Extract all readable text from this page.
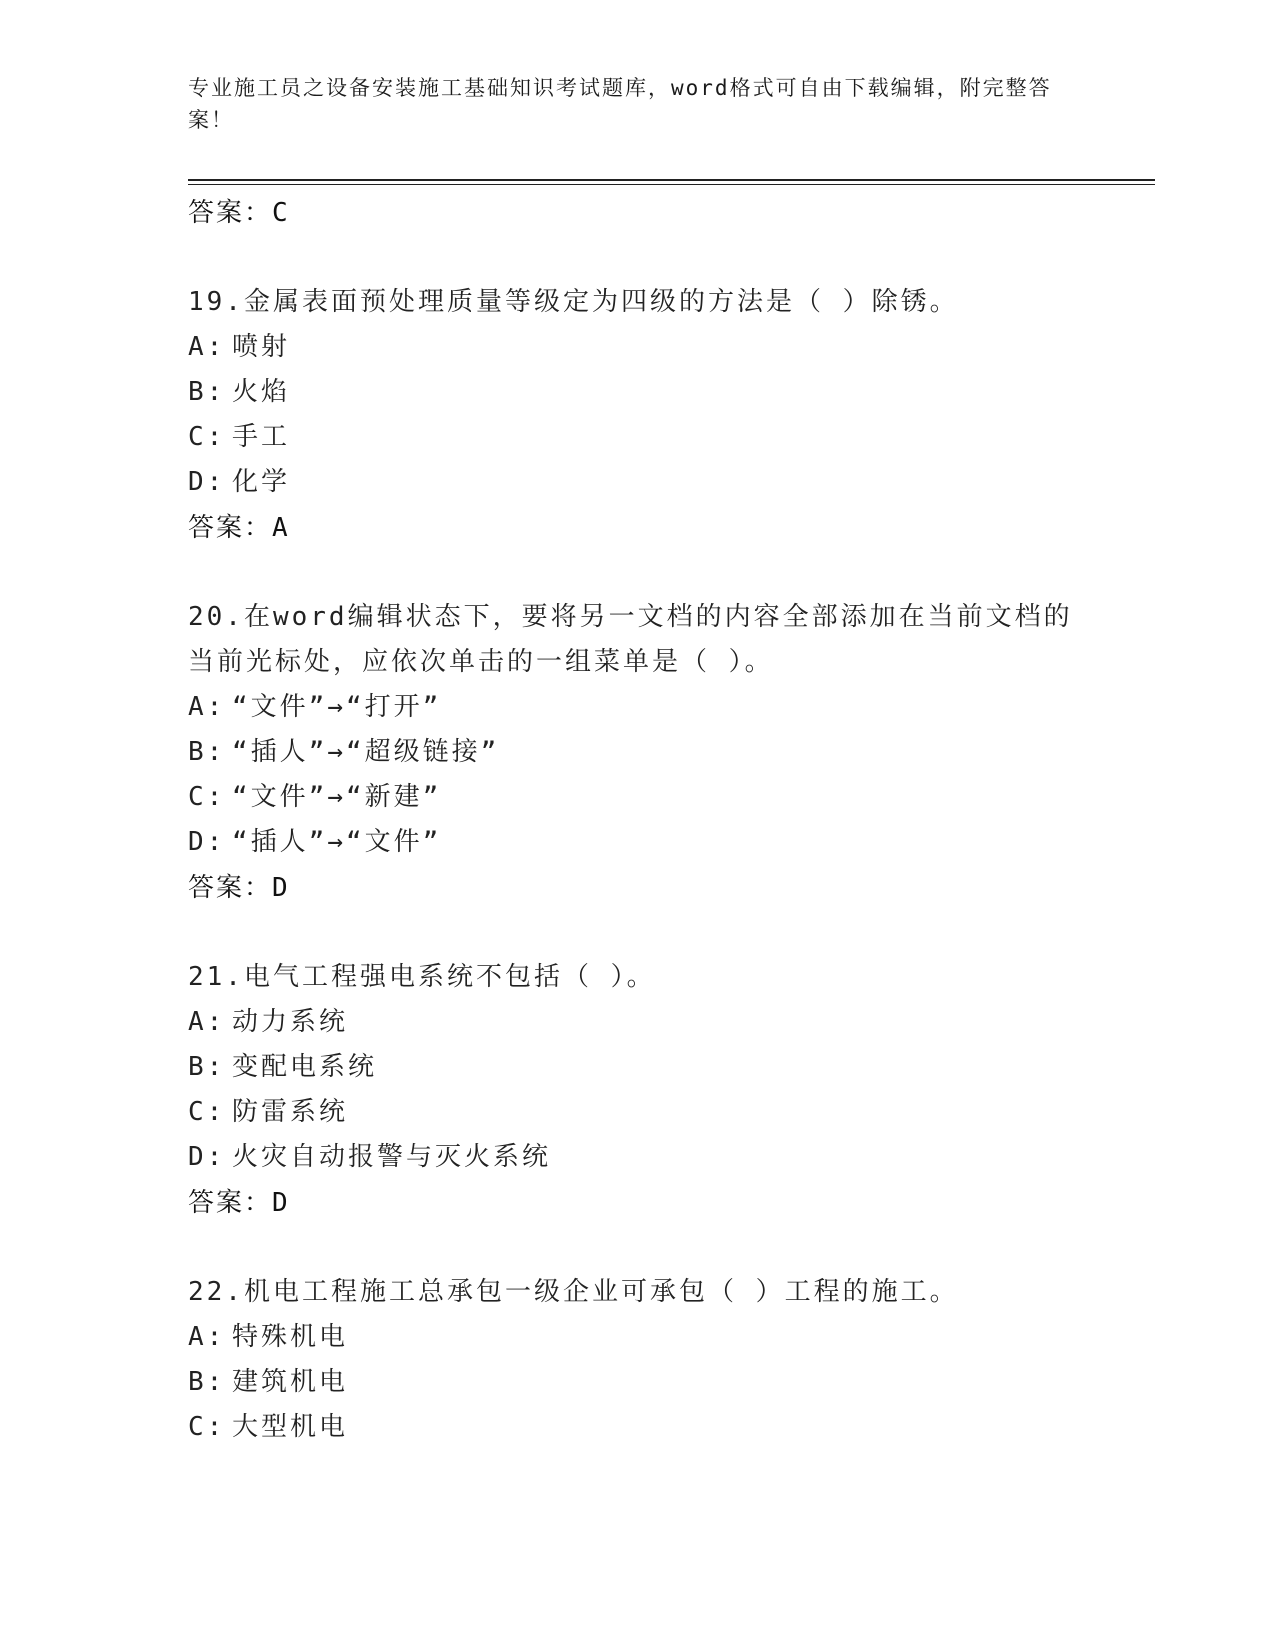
专业施工员之设备安装施工基础知识考试题库，word格式可自由下载编辑，附完整答案！
答案：C
19.金属表面预处理质量等级定为四级的方法是（ ）除锈。
A: 喷射
B: 火焰
C: 手工
D: 化学
答案：A
20.在word编辑状态下，要将另一文档的内容全部添加在当前文档的当前光标处，应依次单击的一组菜单是（ ）。
A: “文件”→“打开”
B: “插人”→“超级链接”
C: “文件”→“新建”
D: “插人”→“文件”
答案：D
21.电气工程强电系统不包括（ ）。
A: 动力系统
B: 变配电系统
C: 防雷系统
D: 火灾自动报警与灭火系统
答案：D
22.机电工程施工总承包一级企业可承包（ ）工程的施工。
A: 特殊机电
B: 建筑机电
C: 大型机电
